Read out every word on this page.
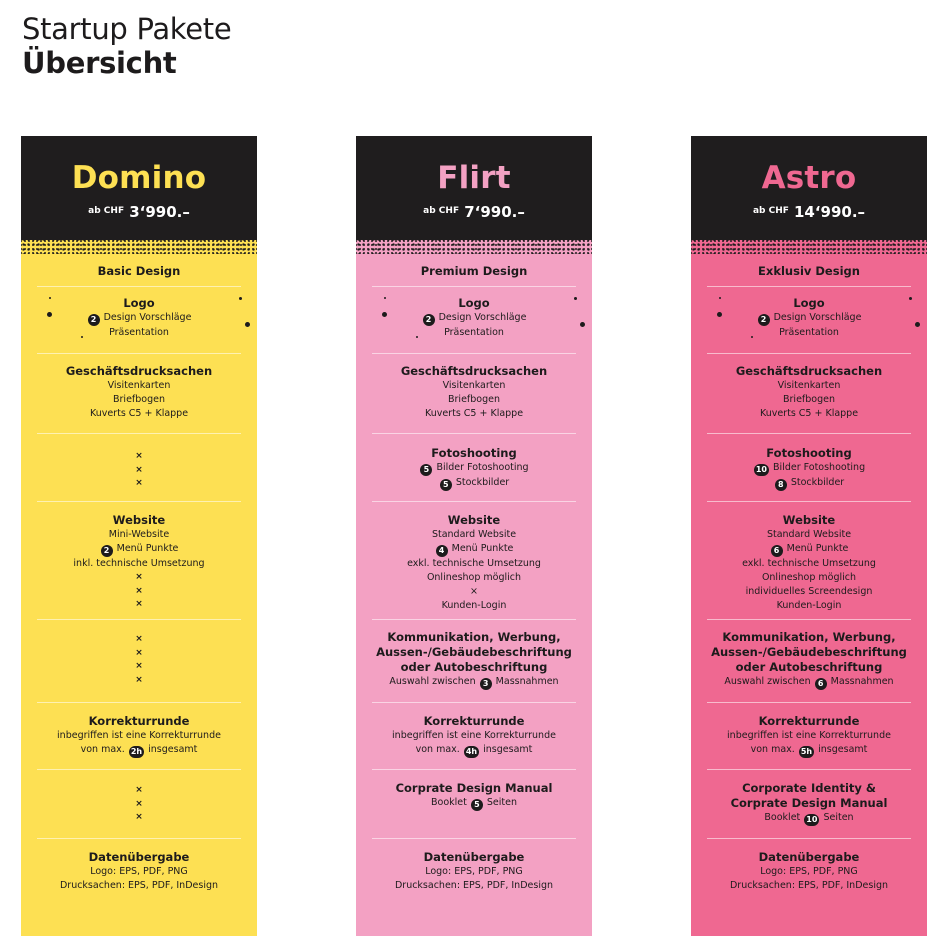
Startup Pakete
Übersicht
Domino
$^{ab CHF}$ 3‘990.–
Basic Design
Logo
2 Design Vorschläge
Präsentation
Geschäftsdrucksachen
Visitenkarten
Briefbogen
Kuverts C5 + Klappe
×
×
×
Website
Mini-Website
2 Menü Punkte
inkl. technische Umsetzung
×
×
×
×
×
×
×
Korrekturrunde
inbegriffen ist eine Korrekturrunde
von max. 2h insgesamt
×
×
×
Datenübergabe
Logo: EPS, PDF, PNG
Drucksachen: EPS, PDF, InDesign
Flirt
$^{ab CHF}$ 7‘990.–
Premium Design
Logo
2 Design Vorschläge
Präsentation
Geschäftsdrucksachen
Visitenkarten
Briefbogen
Kuverts C5 + Klappe
Fotoshooting
5 Bilder Fotoshooting
5 Stockbilder
Website
Standard Website
4 Menü Punkte
exkl. technische Umsetzung
Onlineshop möglich
×
Kunden-Login
Kommunikation, Werbung,
Aussen-/Gebäudebeschriftung
oder Autobeschriftung
Auswahl zwischen 3 Massnahmen
Korrekturrunde
inbegriffen ist eine Korrekturrunde
von max. 4h insgesamt
Corprate Design Manual
Booklet 5 Seiten
Datenübergabe
Logo: EPS, PDF, PNG
Drucksachen: EPS, PDF, InDesign
Astro
$^{ab CHF}$ 14‘990.–
Exklusiv Design
Logo
2 Design Vorschläge
Präsentation
Geschäftsdrucksachen
Visitenkarten
Briefbogen
Kuverts C5 + Klappe
Fotoshooting
10 Bilder Fotoshooting
8 Stockbilder
Website
Standard Website
6 Menü Punkte
exkl. technische Umsetzung
Onlineshop möglich
individuelles Screendesign
Kunden-Login
Kommunikation, Werbung,
Aussen-/Gebäudebeschriftung
oder Autobeschriftung
Auswahl zwischen 6 Massnahmen
Korrekturrunde
inbegriffen ist eine Korrekturrunde
von max. 5h insgesamt
Corporate Identity &
Corprate Design Manual
Booklet 10 Seiten
Datenübergabe
Logo: EPS, PDF, PNG
Drucksachen: EPS, PDF, InDesign
